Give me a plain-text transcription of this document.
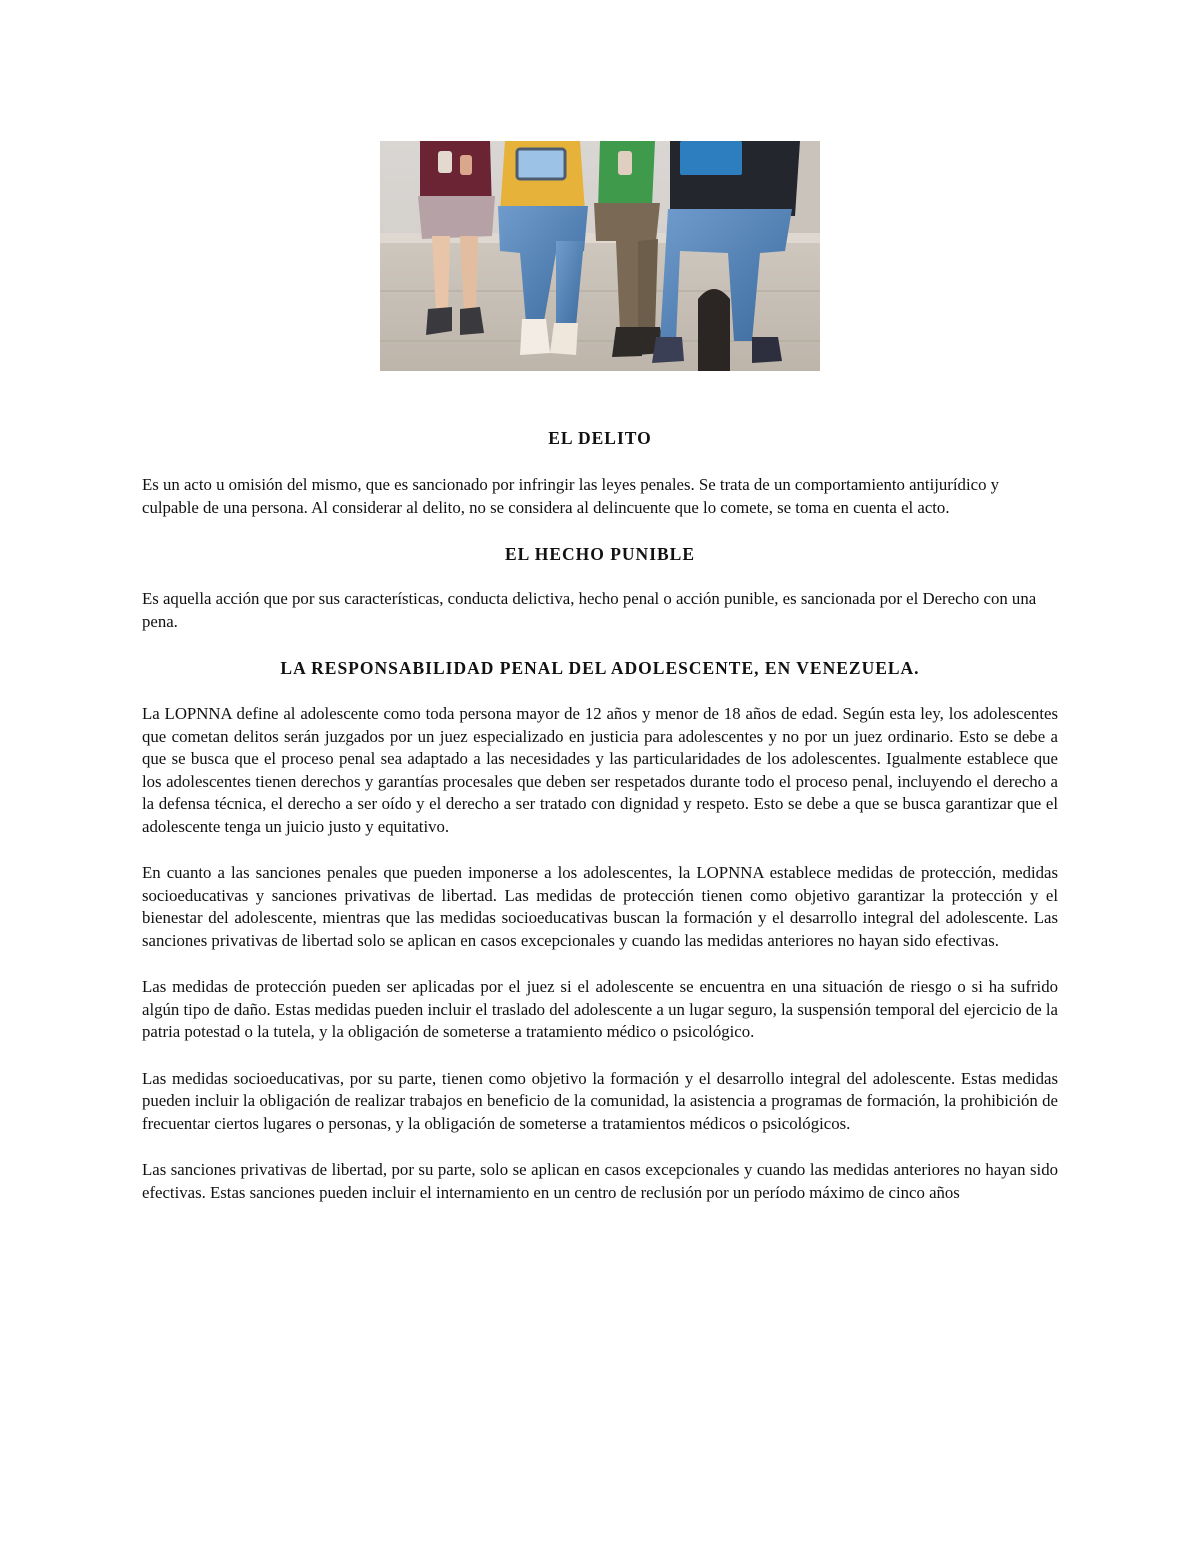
EL DELITO

Es un acto u omisión del mismo, que es sancionado por infringir las leyes penales. Se trata de un comportamiento antijurídico y culpable de una persona. Al considerar al delito, no se considera al delincuente que lo comete, se toma en cuenta el acto.

EL HECHO PUNIBLE

Es aquella acción que por sus características, conducta delictiva, hecho penal o acción punible, es sancionada por el Derecho con una pena.

LA RESPONSABILIDAD PENAL DEL ADOLESCENTE, EN VENEZUELA.

La LOPNNA define al adolescente como toda persona mayor de 12 años y menor de 18 años de edad. Según esta ley, los adolescentes que cometan delitos serán juzgados por un juez especializado en justicia para adolescentes y no por un juez ordinario. Esto se debe a que se busca que el proceso penal sea adaptado a las necesidades y las particularidades de los adolescentes. Igualmente establece que los adolescentes tienen derechos y garantías procesales que deben ser respetados durante todo el proceso penal, incluyendo el derecho a la defensa técnica, el derecho a ser oído y el derecho a ser tratado con dignidad y respeto. Esto se debe a que se busca garantizar que el adolescente tenga un juicio justo y equitativo.

En cuanto a las sanciones penales que pueden imponerse a los adolescentes, la LOPNNA establece medidas de protección, medidas socioeducativas y sanciones privativas de libertad. Las medidas de protección tienen como objetivo garantizar la protección y el bienestar del adolescente, mientras que las medidas socioeducativas buscan la formación y el desarrollo integral del adolescente. Las sanciones privativas de libertad solo se aplican en casos excepcionales y cuando las medidas anteriores no hayan sido efectivas.

Las medidas de protección pueden ser aplicadas por el juez si el adolescente se encuentra en una situación de riesgo o si ha sufrido algún tipo de daño. Estas medidas pueden incluir el traslado del adolescente a un lugar seguro, la suspensión temporal del ejercicio de la patria potestad o la tutela, y la obligación de someterse a tratamiento médico o psicológico.

Las medidas socioeducativas, por su parte, tienen como objetivo la formación y el desarrollo integral del adolescente. Estas medidas pueden incluir la obligación de realizar trabajos en beneficio de la comunidad, la asistencia a programas de formación, la prohibición de frecuentar ciertos lugares o personas, y la obligación de someterse a tratamientos médicos o psicológicos.

Las sanciones privativas de libertad, por su parte, solo se aplican en casos excepcionales y cuando las medidas anteriores no hayan sido efectivas. Estas sanciones pueden incluir el internamiento en un centro de reclusión por un período máximo de cinco años
